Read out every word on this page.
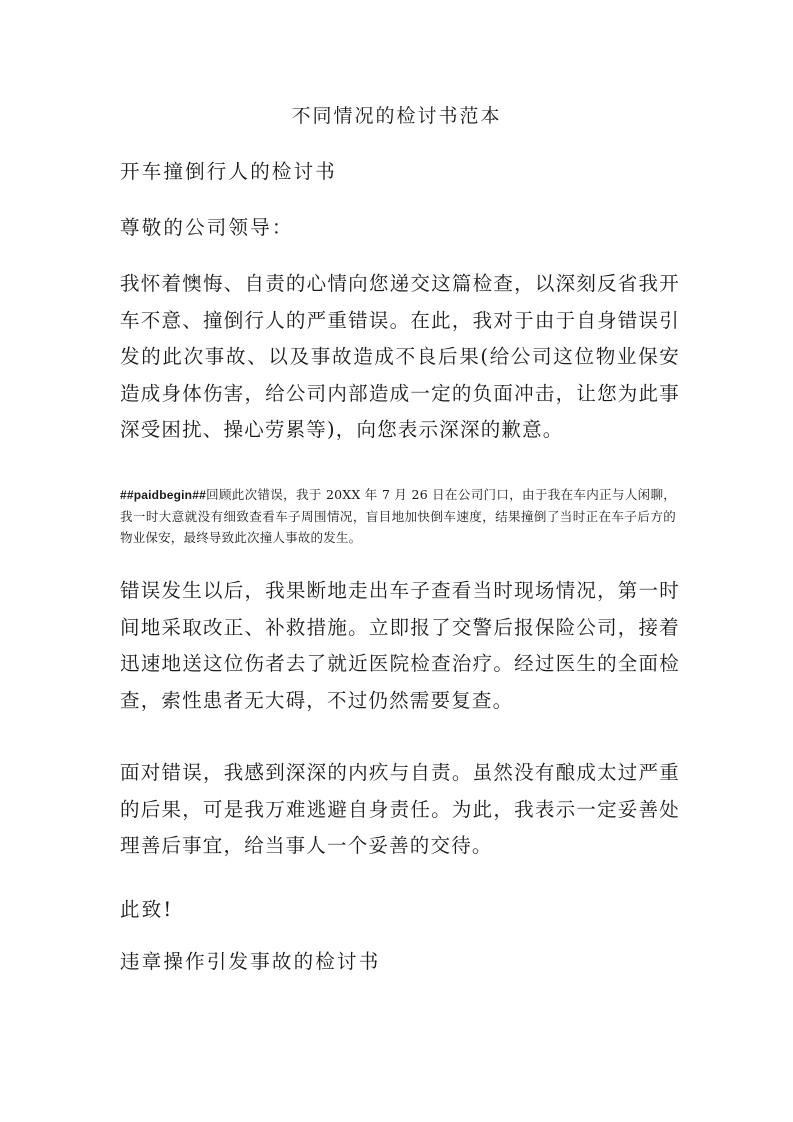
不同情况的检讨书范本
开车撞倒行人的检讨书

尊敬的公司领导：

我怀着懊悔、自责的心情向您递交这篇检查，以深刻反省我开车不意、撞倒行人的严重错误。在此，我对于由于自身错误引发的此次事故、以及事故造成不良后果(给公司这位物业保安造成身体伤害，给公司内部造成一定的负面冲击，让您为此事深受困扰、操心劳累等)，向您表示深深的歉意。

##paidbegin##回顾此次错误，我于 20XX 年 7 月 26 日在公司门口，由于我在车内正与人闲聊，我一时大意就没有细致查看车子周围情况，盲目地加快倒车速度，结果撞倒了当时正在车子后方的物业保安，最终导致此次撞人事故的发生。

错误发生以后，我果断地走出车子查看当时现场情况，第一时间地采取改正、补救措施。立即报了交警后报保险公司，接着迅速地送这位伤者去了就近医院检查治疗。经过医生的全面检查，索性患者无大碍，不过仍然需要复查。

面对错误，我感到深深的内疚与自责。虽然没有酿成太过严重的后果，可是我万难逃避自身责任。为此，我表示一定妥善处理善后事宜，给当事人一个妥善的交待。

此致!

违章操作引发事故的检讨书
